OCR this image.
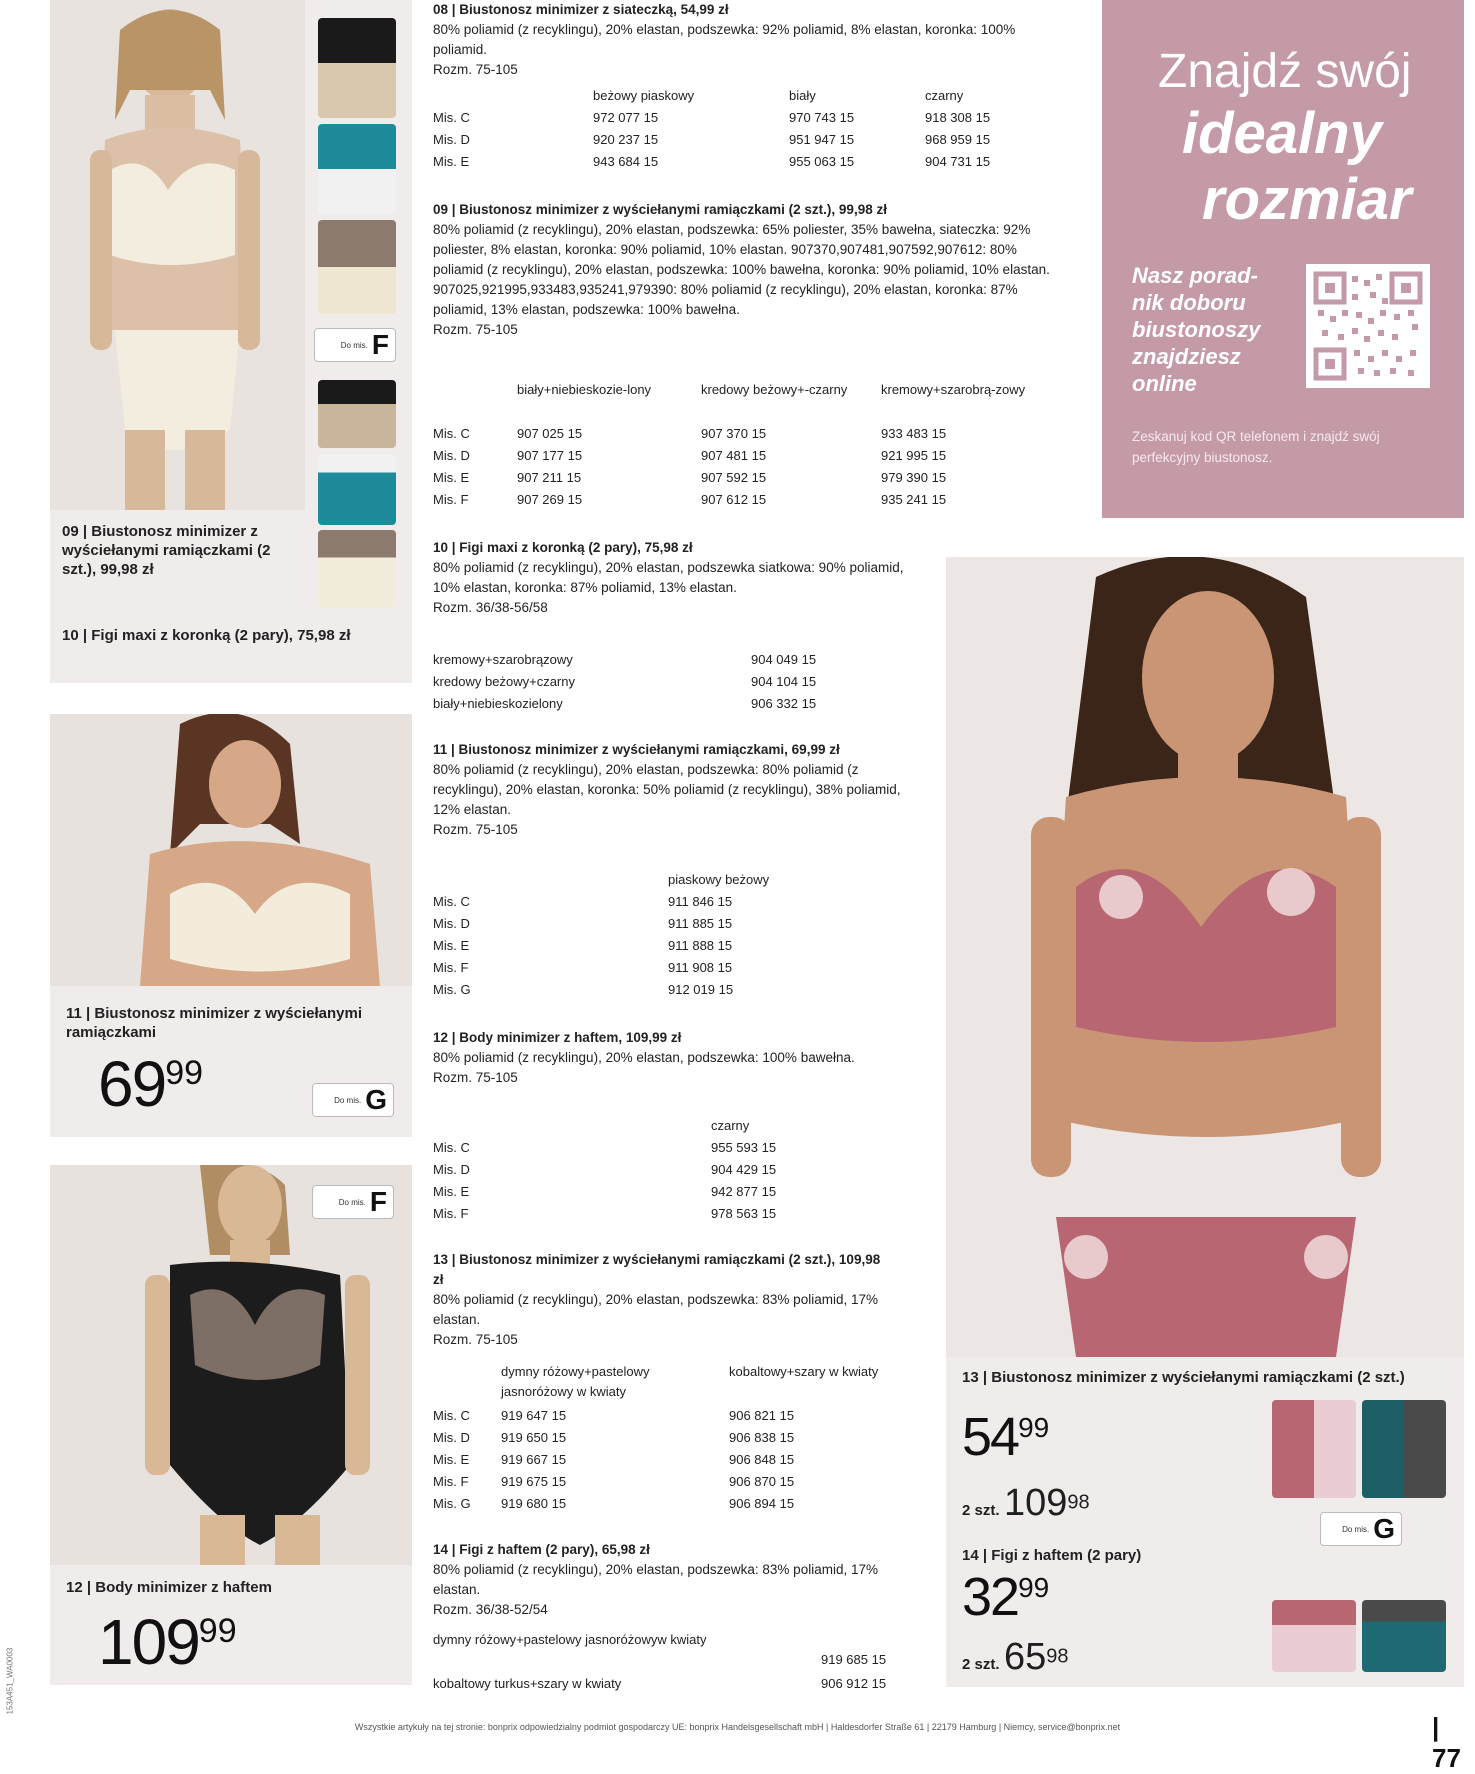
Do mis. F
09 | Biustonosz minimizer z wyściełanymi ramiączkami (2 szt.), 99,98 zł
10 | Figi maxi z koronką (2 pary), 75,98 zł
11 | Biustonosz minimizer z wyściełanymi ramiączkami
$69^{99}$
Do mis. G
Do mis. F
12 | Body minimizer z haftem
$109^{99}$
153A451_WA0003

08 | Biustonosz minimizer z siateczką, 54,99 zł

80% poliamid (z recyklingu), 20% elastan, podszewka: 92% poliamid, 8% elastan, koronka: 100% poliamid.

Rozm. 75-105

beżowy piaskowy	biały	czarny
Mis. C	972 077 15	970 743 15	918 308 15
Mis. D	920 237 15	951 947 15	968 959 15
Mis. E	943 684 15	955 063 15	904 731 15

09 | Biustonosz minimizer z wyściełanymi ramiączkami (2 szt.), 99,98 zł

80% poliamid (z recyklingu), 20% elastan, podszewka: 65% poliester, 35% bawełna, siateczka: 92% poliester, 8% elastan, koronka: 90% poliamid, 10% elastan. 907370,907481,907592,907612: 80% poliamid (z recyklingu), 20% elastan, podszewka: 100% bawełna, koronka: 90% poliamid, 10% elastan. 907025,921995,933483,935241,979390: 80% poliamid (z recyklingu), 20% elastan, koronka: 87% poliamid, 13% elastan, podszewka: 100% bawełna.

Rozm. 75-105

biały+niebieskozie-lony	kredowy beżowy+-czarny	kremowy+szarobrą-zowy
Mis. C	907 025 15	907 370 15	933 483 15
Mis. D	907 177 15	907 481 15	921 995 15
Mis. E	907 211 15	907 592 15	979 390 15
Mis. F	907 269 15	907 612 15	935 241 15

10 | Figi maxi z koronką (2 pary), 75,98 zł

80% poliamid (z recyklingu), 20% elastan, podszewka siatkowa: 90% poliamid, 10% elastan, koronka: 87% poliamid, 13% elastan.

Rozm. 36/38-56/58

kremowy+szarobrązowy	904 049 15
kredowy beżowy+czarny	904 104 15
biały+niebieskozielony	906 332 15

11 | Biustonosz minimizer z wyściełanymi ramiączkami, 69,99 zł

80% poliamid (z recyklingu), 20% elastan, podszewka: 80% poliamid (z recyklingu), 20% elastan, koronka: 50% poliamid (z recyklingu), 38% poliamid, 12% elastan.

Rozm. 75-105

piaskowy beżowy
Mis. C	911 846 15
Mis. D	911 885 15
Mis. E	911 888 15
Mis. F	911 908 15
Mis. G	912 019 15

12 | Body minimizer z haftem, 109,99 zł

80% poliamid (z recyklingu), 20% elastan, podszewka: 100% bawełna.

Rozm. 75-105

czarny
Mis. C	955 593 15
Mis. D	904 429 15
Mis. E	942 877 15
Mis. F	978 563 15

13 | Biustonosz minimizer z wyściełanymi ramiączkami (2 szt.), 109,98 zł

80% poliamid (z recyklingu), 20% elastan, podszewka: 83% poliamid, 17% elastan.

Rozm. 75-105

dymny różowy+pastelowy jasnoróżowy w kwiaty
kobaltowy+szary w kwiaty
Mis. C 919 647 15	906 821 15
Mis. D 919 650 15	906 838 15
Mis. E 919 667 15	906 848 15
Mis. F	919 675 15	906 870 15
Mis. G 919 680 15	906 894 15

14 | Figi z haftem (2 pary), 65,98 zł

80% poliamid (z recyklingu), 20% elastan, podszewka: 83% poliamid, 17% elastan.

Rozm. 36/38-52/54

dymny różowy+pastelowy jasnoróżowyw kwiaty
919 685 15
kobaltowy turkus+szary w kwiaty	906 912 15
Znajdź swój
idealny
rozmiar
Nasz porad-
nik doboru
biustonoszy
znajdziesz
online
Zeskanuj kod QR telefonem i znajdź swój perfekcyjny biustonosz.
13 | Biustonosz minimizer z wyściełanymi ramiączkami (2 szt.)
$54^{99}$
2 szt. $109^{98}$
Do mis. G
14 | Figi z haftem (2 pary)
$32^{99}$
2 szt. $65^{98}$
Wszystkie artykuły na tej stronie: bonprix odpowiedzialny podmiot gospodarczy UE: bonprix Handelsgesellschaft mbH | Haldesdorfer Straße 61 | 22179 Hamburg | Niemcy, service@bonprix.net	| 77
